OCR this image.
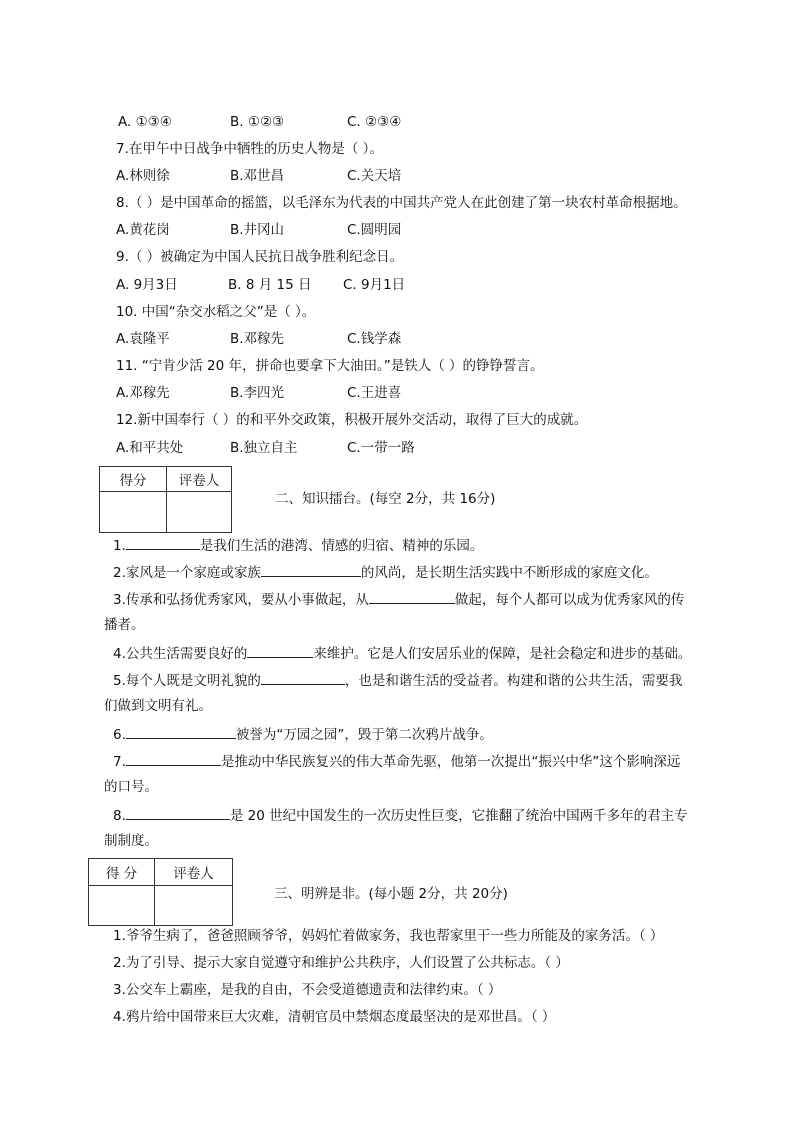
A. ①③④	B. ①②③	C. ②③④
7.在甲午中日战争中牺牲的历史人物是（ ）。
A.林则徐	B.邓世昌	C.关天培
8.（ ）是中国革命的摇篮，以毛泽东为代表的中国共产党人在此创建了第一块农村革命根据地。
A.黄花岗	B.井冈山	C.圆明园
9.（ ）被确定为中国人民抗日战争胜利纪念日。
A. 9月3日	B. 8 月 15 日 C. 9月1日
10. 中国“杂交水稻之父”是（ ）。
A.袁隆平	B.邓稼先	C.钱学森
11. “宁肯少活 20 年，拼命也要拿下大油田。”是铁人（ ）的铮铮誓言。
A.邓稼先	B.李四光	C.王进喜
12.新中国奉行（ ）的和平外交政策，积极开展外交活动，取得了巨大的成就。
A.和平共处	B.独立自主	C.一带一路
得分	评卷人

二、知识擂台。(每空 2分，共 16分)
1.	是我们生活的港湾、情感的归宿、精神的乐园。
2.家风是一个家庭或家族	的风尚，是长期生活实践中不断形成的家庭文化。
3.传承和弘扬优秀家风，要从小事做起，从	做起，每个人都可以成为优秀家风的传
播者。
4.公共生活需要良好的	来维护。它是人们安居乐业的保障，是社会稳定和进步的基础。
5.每个人既是文明礼貌的	，也是和谐生活的受益者。构建和谐的公共生活，需要我
们做到文明有礼。
6.	被誉为“万园之园”，毁于第二次鸦片战争。
7.	是推动中华民族复兴的伟大革命先驱，他第一次提出“振兴中华”这个影响深远
的口号。
8.	是 20 世纪中国发生的一次历史性巨变，它推翻了统治中国两千多年的君主专
制制度。
得 分	评卷人

三、明辨是非。(每小题 2分，共 20分)
1.爷爷生病了，爸爸照顾爷爷，妈妈忙着做家务，我也帮家里干一些力所能及的家务活。（ ）
2.为了引导、提示大家自觉遵守和维护公共秩序，人们设置了公共标志。（ ）
3.公交车上霸座，是我的自由，不会受道德遗责和法律约束。（ ）
4.鸦片给中国带来巨大灾难，清朝官员中禁烟态度最坚决的是邓世昌。（ ）
